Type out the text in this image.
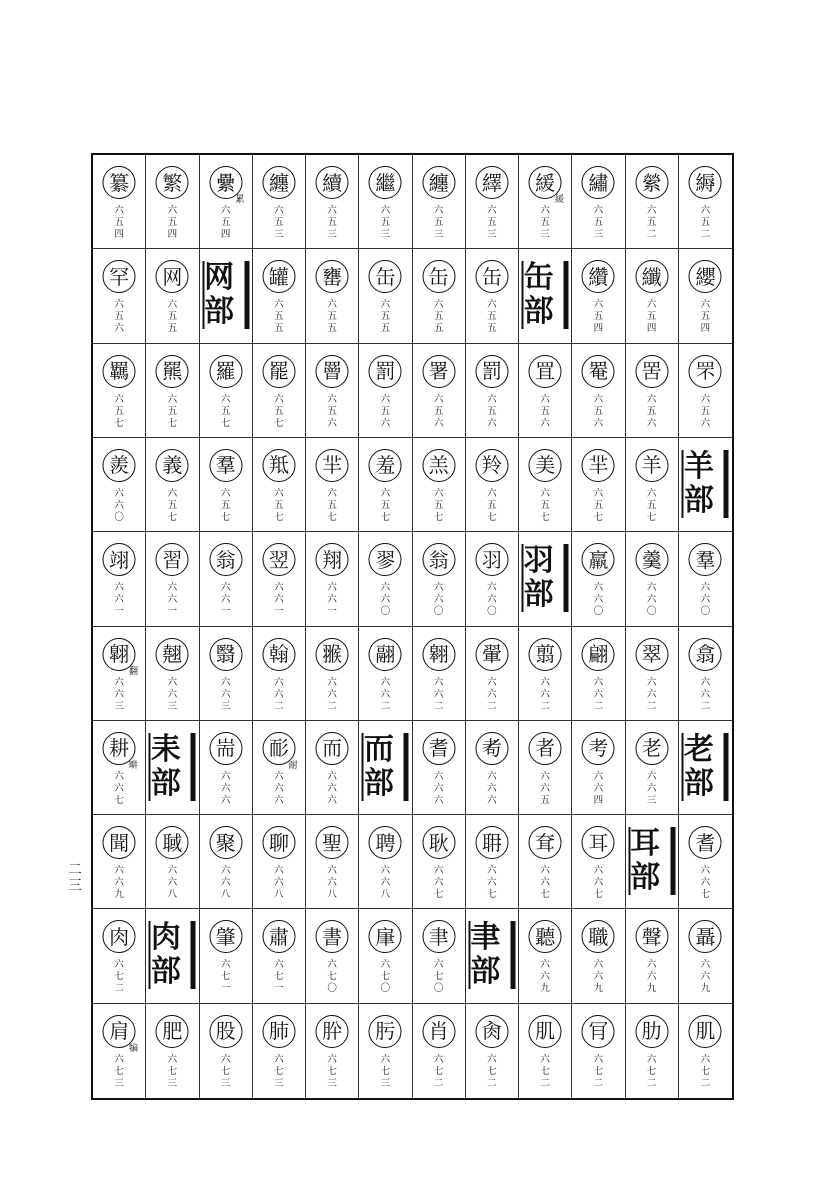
二三
纂
六五四
繁
六五四
纍
六五四
累
纏
六五三
續
六五三
繼
六五三
纏
六五三
繹
六五三
緩
六五三
緩
繡
六五三
縈
六五二
縟
六五二
罕
六五六
网
六五五
网部
罐
六五五
罋
六五五
缶
六五五
缶
六五五
缶
六五五
缶部
纘
六五四
纖
六五四
纓
六五四
羈
六五七
羆
六五七
羅
六五七
罷
六五七
罾
六五六
罰
六五六
署
六五六
罰
六五六
罝
六五六
罨
六五六
罟
六五六
罘
六五六
羨
六六〇
義
六五七
羣
六五七
羝
六五七
羋
六五七
羞
六五七
羔
六五七
羚
六五七
美
六五七
羋
六五七
羊
六五七
羊部
翊
六六一
習
六六一
翁
六六一
翌
六六一
翔
六六一
翏
六六〇
翁
六六〇
羽
六六〇
羽部
羸
六六〇
羹
六六〇
羣
六六〇
翺
六六三
翻
翹
六六三
翳
六六三
翰
六六二
翭
六六二
翮
六六二
翱
六六二
翬
六六二
翦
六六二
翩
六六二
翠
六六二
翕
六六二
耕
六六七
畊 耒部
耑
六六六
耏
六六六
耐
而
六六六
而部
耆
六六六
耇
六六六
者
六六五
考
六六四
老
六六三
老部
聞
六六九
聝
六六八
聚
六六八
聊
六六八
聖
六六八
聘
六六八
耿
六六七
耼
六六七
耷
六六七
耳
六六七
耳部
耆
六六七
肉
六七二
肉部
肇
六七一
肅
六七一
書
六七〇
肁
六七〇
聿
六七〇
聿部
聽
六六九
職
六六九
聲
六六九
聶
六六九
肩
六七三
犏
肥
六七三
股
六七三
肺
六七三
肸
六七三
肟
六七三
肖
六七二
肏
六七二
肌
六七二
肎
六七二
肋
六七二
肌
六七二
